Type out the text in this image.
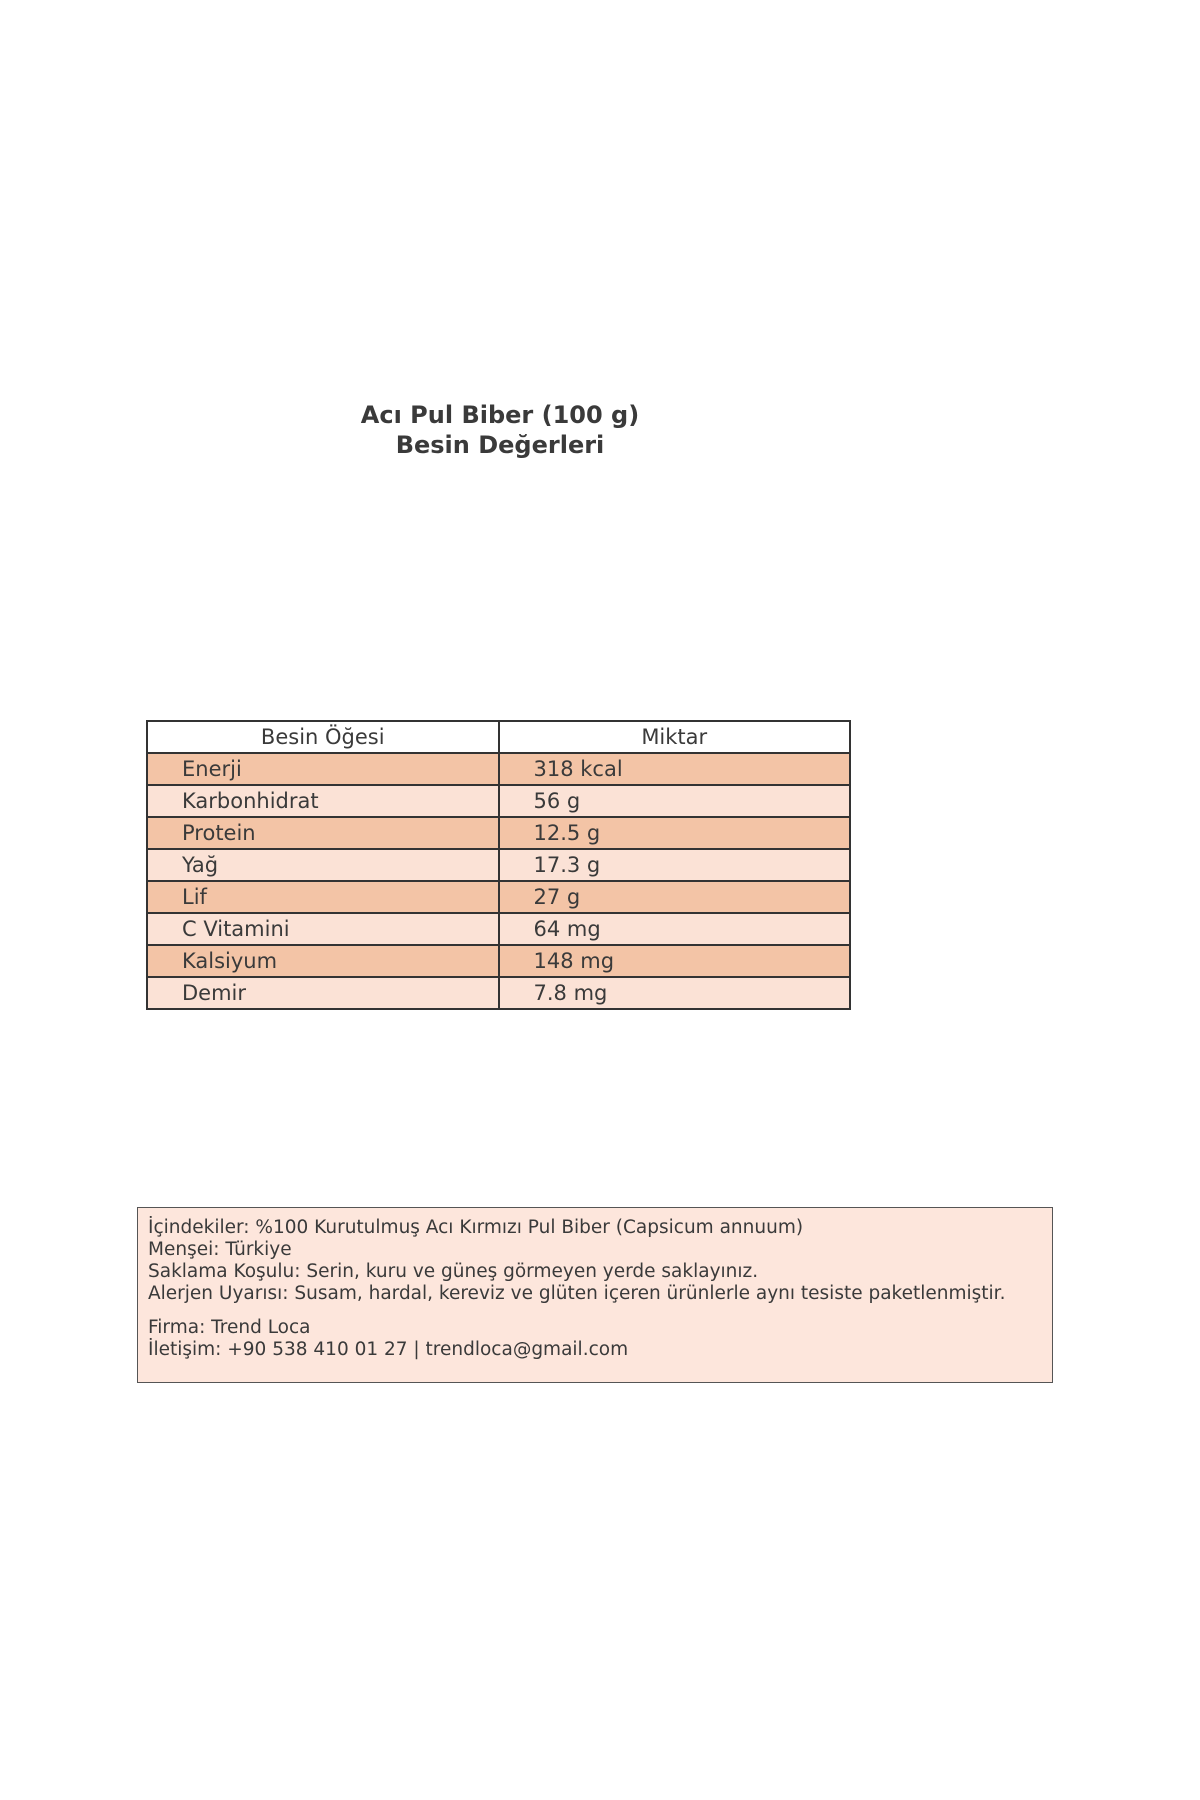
Acı Pul Biber (100 g)
Besin Değerleri
Besin Öğesi	Miktar
Enerji	318 kcal
Karbonhidrat	56 g
Protein	12.5 g
Yağ	17.3 g
Lif	27 g
C Vitamini	64 mg
Kalsiyum	148 mg
Demir	7.8 mg
İçindekiler: %100 Kurutulmuş Acı Kırmızı Pul Biber (Capsicum annuum)
Menşei: Türkiye
Saklama Koşulu: Serin, kuru ve güneş görmeyen yerde saklayınız.
Alerjen Uyarısı: Susam, hardal, kereviz ve glüten içeren ürünlerle aynı tesiste paketlenmiştir.
Firma: Trend Loca
İletişim: +90 538 410 01 27 | trendloca@gmail.com
